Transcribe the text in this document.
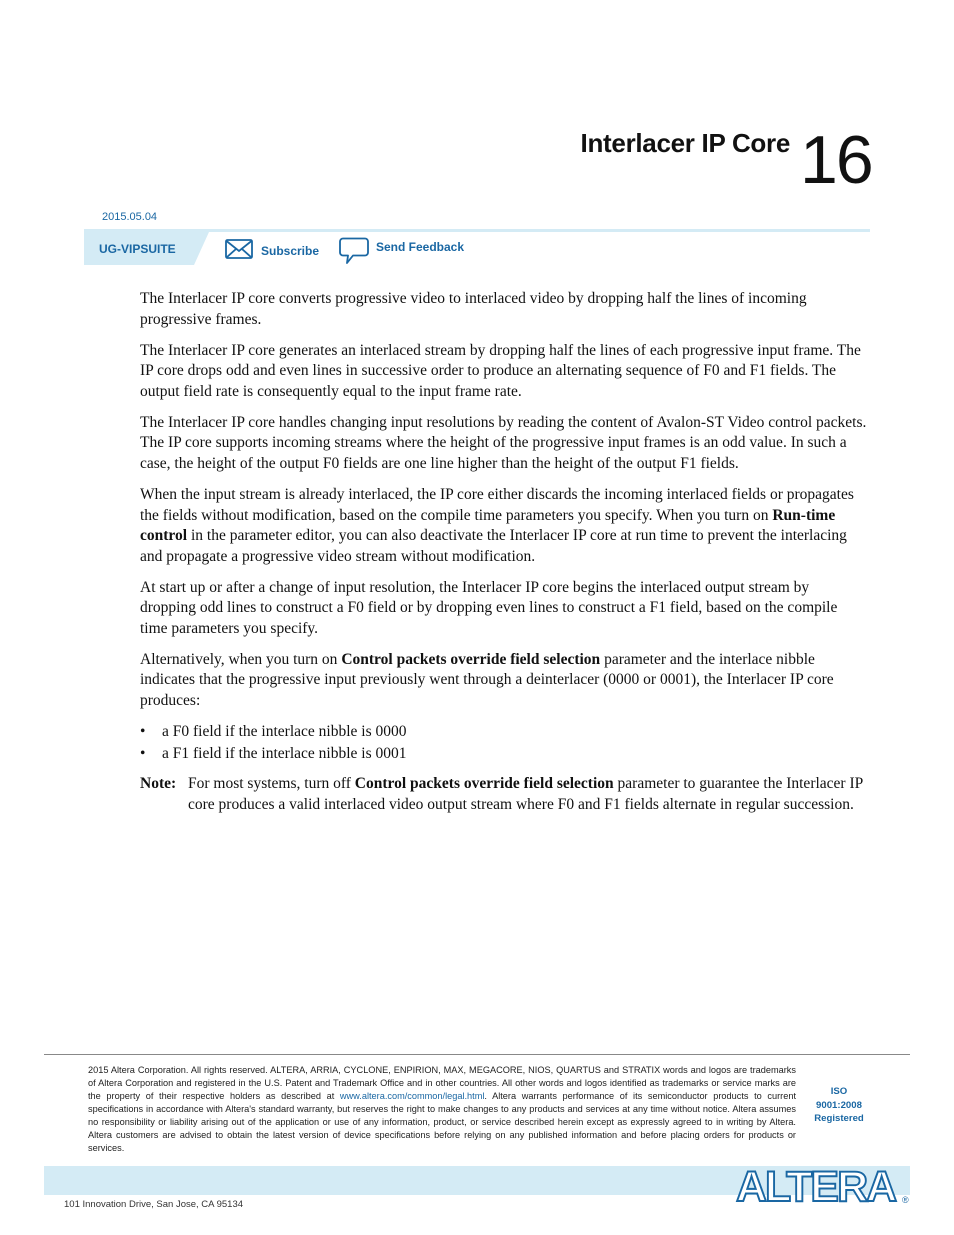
Interlacer IP Core 16
2015.05.04
UG-VIPSUITE	Subscribe	Send Feedback

The Interlacer IP core converts progressive video to interlaced video by dropping half the lines of incoming progressive frames.

The Interlacer IP core generates an interlaced stream by dropping half the lines of each progressive input frame. The IP core drops odd and even lines in successive order to produce an alternating sequence of F0 and F1 fields. The output field rate is consequently equal to the input frame rate.

The Interlacer IP core handles changing input resolutions by reading the content of Avalon-ST Video control packets. The IP core supports incoming streams where the height of the progressive input frames is an odd value. In such a case, the height of the output F0 fields are one line higher than the height of the output F1 fields.

When the input stream is already interlaced, the IP core either discards the incoming interlaced fields or propagates the fields without modification, based on the compile time parameters you specify. When you turn on Run-time control in the parameter editor, you can also deactivate the Interlacer IP core at run time to prevent the interlacing and propagate a progressive video stream without modification.

At start up or after a change of input resolution, the Interlacer IP core begins the interlaced output stream by dropping odd lines to construct a F0 field or by dropping even lines to construct a F1 field, based on the compile time parameters you specify.

Alternatively, when you turn on Control packets override field selection parameter and the interlace nibble indicates that the progressive input previously went through a deinterlacer (0000 or 0001), the Interlacer IP core produces:

• a F0 field if the interlace nibble is 0000
• a F1 field if the interlace nibble is 0001
Note: For most systems, turn off Control packets override field selection parameter to guarantee the Interlacer IP core produces a valid interlaced video output stream where F0 and F1 fields alternate in regular succession.
2015 Altera Corporation. All rights reserved. ALTERA, ARRIA, CYCLONE, ENPIRION, MAX, MEGACORE, NIOS, QUARTUS and STRATIX words and logos are trademarks of Altera Corporation and registered in the U.S. Patent and Trademark Office and in other countries. All other words and logos identified as trademarks or service marks are the property of their respective holders as described at www.altera.com/common/legal.html. Altera warrants performance of its semiconductor products to current specifications in accordance with Altera's standard warranty, but reserves the right to make changes to any products and services at any time without notice. Altera assumes no responsibility or liability arising out of the application or use of any information, product, or service described herein except as expressly agreed to in writing by Altera. Altera customers are advised to obtain the latest version of device specifications before relying on any published information and before placing orders for products or services.
ISO
9001:2008
Registered
101 Innovation Drive, San Jose, CA 95134	ALTERA ®
